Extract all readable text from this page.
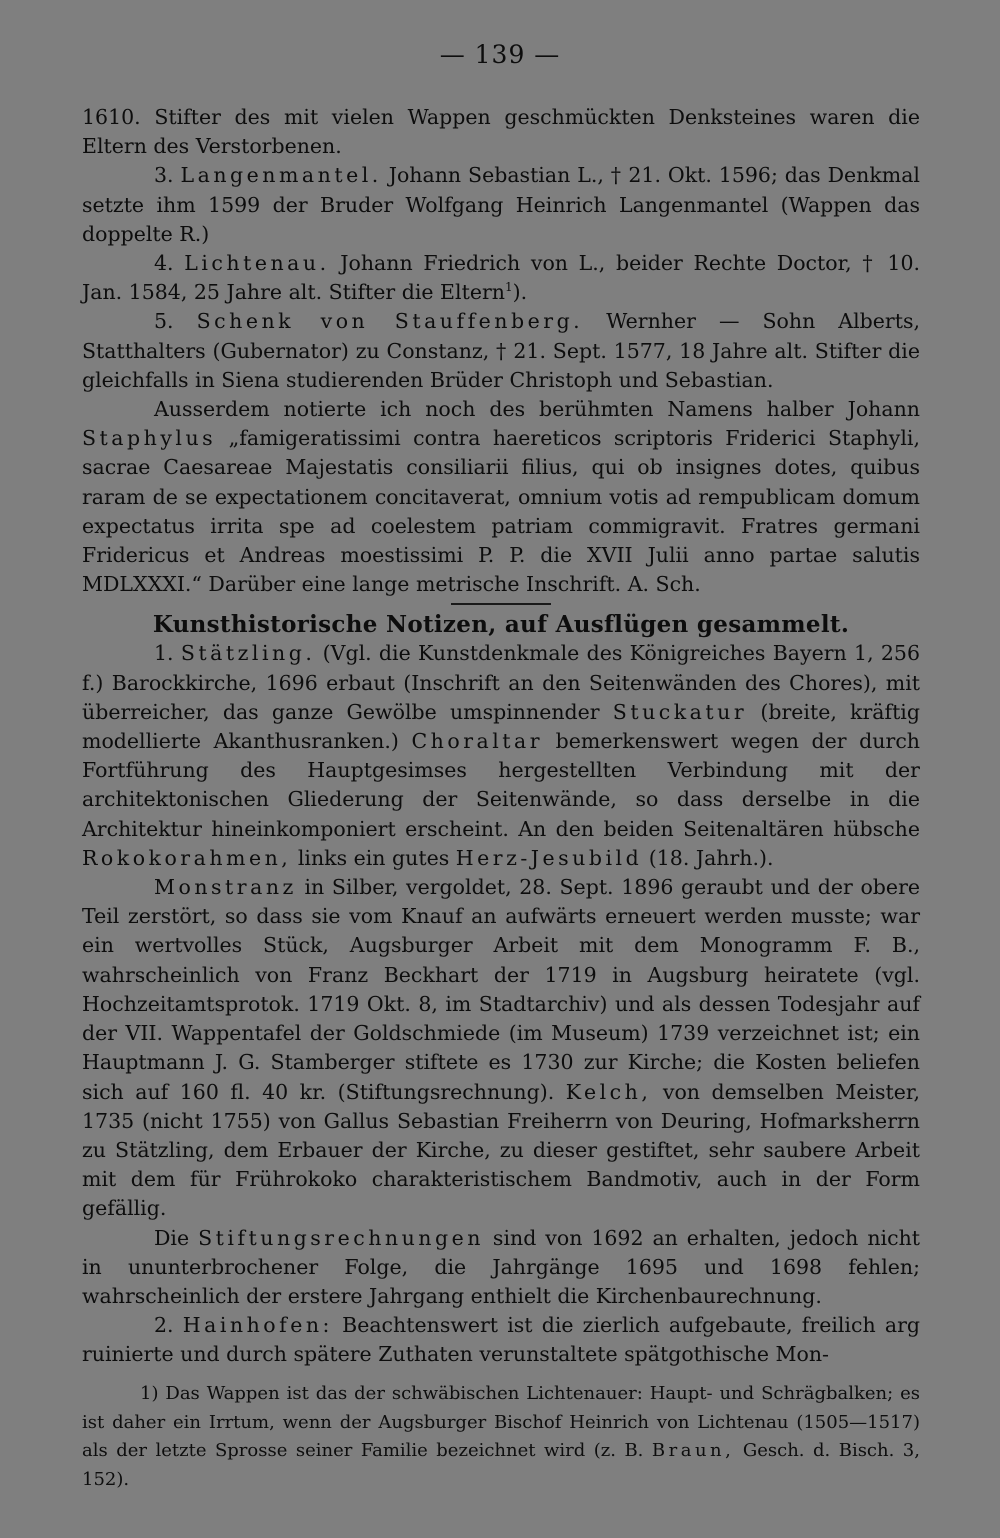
— 139 —

1610. Stifter des mit vielen Wappen geschmückten Denksteines waren die Eltern des Verstorbenen.

3. Langenmantel. Johann Sebastian L., † 21. Okt. 1596; das Denkmal setzte ihm 1599 der Bruder Wolfgang Heinrich Langenmantel (Wappen das doppelte R.)

4. Lichtenau. Johann Friedrich von L., beider Rechte Doctor, † 10. Jan. 1584, 25 Jahre alt. Stifter die Eltern$^1$).

5. Schenk von Stauffenberg. Wernher — Sohn Alberts, Statthalters (Gubernator) zu Constanz, † 21. Sept. 1577, 18 Jahre alt. Stifter die gleichfalls in Siena studierenden Brüder Christoph und Sebastian.

Ausserdem notierte ich noch des berühmten Namens halber Johann Staphylus „famigeratissimi contra haereticos scriptoris Friderici Staphyli, sacrae Caesareae Majestatis consiliarii filius, qui ob insignes dotes, quibus raram de se expectationem concitaverat, omnium votis ad rempublicam domum expectatus irrita spe ad coelestem patriam commigravit. Fratres germani Fridericus et Andreas moestissimi P. P. die XVII Julii anno partae salutis MDLXXXI.“ Darüber eine lange metrische Inschrift. A. Sch.

Kunsthistorische Notizen, auf Ausflügen gesammelt.

1. Stätzling. (Vgl. die Kunstdenkmale des Königreiches Bayern 1, 256 f.) Barockkirche, 1696 erbaut (Inschrift an den Seitenwänden des Chores), mit überreicher, das ganze Gewölbe umspinnender Stuckatur (breite, kräftig modellierte Akanthusranken.) Choraltar bemerkenswert wegen der durch Fortführung des Hauptgesimses hergestellten Verbindung mit der architektonischen Gliederung der Seitenwände, so dass derselbe in die Architektur hineinkomponiert erscheint. An den beiden Seitenaltären hübsche Rokokorahmen, links ein gutes Herz-Jesubild (18. Jahrh.).

Monstranz in Silber, vergoldet, 28. Sept. 1896 geraubt und der obere Teil zerstört, so dass sie vom Knauf an aufwärts erneuert werden musste; war ein wertvolles Stück, Augsburger Arbeit mit dem Monogramm F. B., wahrscheinlich von Franz Beckhart der 1719 in Augsburg heiratete (vgl. Hochzeitamtsprotok. 1719 Okt. 8, im Stadtarchiv) und als dessen Todesjahr auf der VII. Wappentafel der Goldschmiede (im Museum) 1739 verzeichnet ist; ein Hauptmann J. G. Stamberger stiftete es 1730 zur Kirche; die Kosten beliefen sich auf 160 fl. 40 kr. (Stiftungsrechnung). Kelch, von demselben Meister, 1735 (nicht 1755) von Gallus Sebastian Freiherrn von Deuring, Hofmarksherrn zu Stätzling, dem Erbauer der Kirche, zu dieser gestiftet, sehr saubere Arbeit mit dem für Frührokoko charakteristischem Bandmotiv, auch in der Form gefällig.

Die Stiftungsrechnungen sind von 1692 an erhalten, jedoch nicht in ununterbrochener Folge, die Jahrgänge 1695 und 1698 fehlen; wahrscheinlich der erstere Jahrgang enthielt die Kirchenbaurechnung.

2. Hainhofen: Beachtenswert ist die zierlich aufgebaute, freilich arg ruinierte und durch spätere Zuthaten verunstaltete spätgothische Mon-

1) Das Wappen ist das der schwäbischen Lichtenauer: Haupt- und Schrägbalken; es ist daher ein Irrtum, wenn der Augsburger Bischof Heinrich von Lichtenau (1505—1517) als der letzte Sprosse seiner Familie bezeichnet wird (z. B. Braun, Gesch. d. Bisch. 3, 152).
